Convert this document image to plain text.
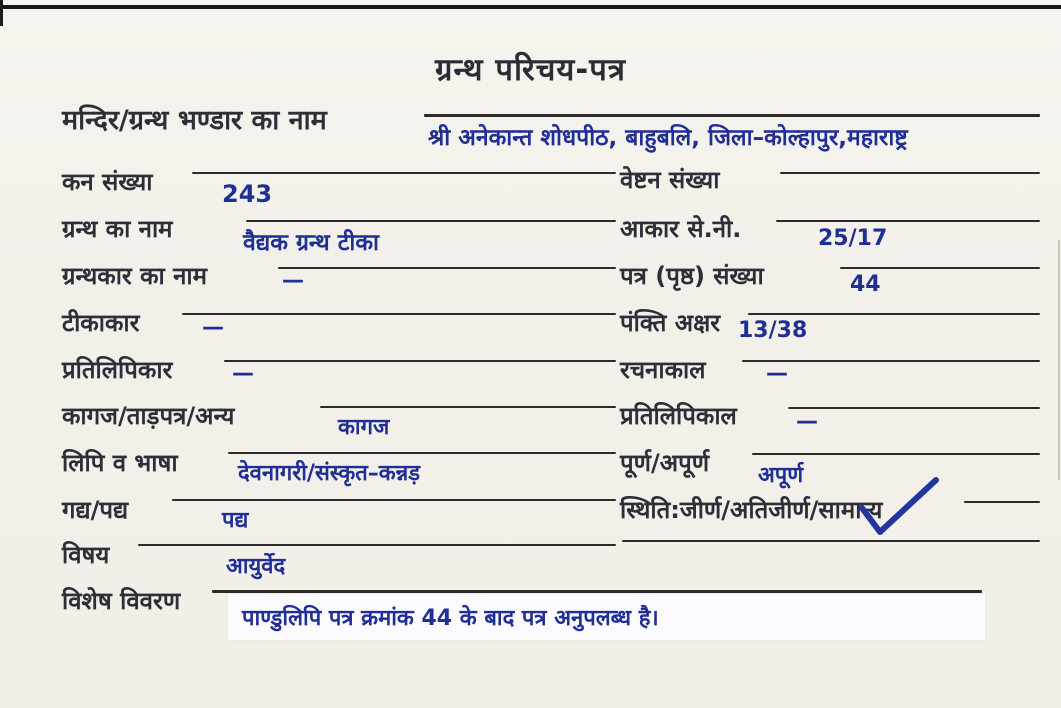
ग्रन्थ परिचय-पत्र
मन्दिर/ग्रन्थ भण्डार का नाम
श्री अनेकान्त शोधपीठ, बाहुबलि, जिला–कोल्हापुर,महाराष्ट्र
कन संख्या	243
ग्रन्थ का नाम	वैद्यक ग्रन्थ टीका
ग्रन्थकार का नाम	—
टीकाकार	—
प्रतिलिपिकार	—
कागज/ताड़पत्र/अन्य	कागज
लिपि व भाषा	देवनागरी/संस्कृत–कन्नड़
गद्य/पद्य	पद्य
विषय	आयुर्वेद
विशेष विवरण
पाण्डुलिपि पत्र क्रमांक 44 के बाद पत्र अनुपलब्ध है।
वेष्टन संख्या
आकार से.नी.	25/17
पत्र (पृष्ठ) संख्या	44
पंक्ति अक्षर 13/38
रचनाकाल	—
प्रतिलिपिकाल	—
पूर्ण/अपूर्ण अपूर्ण
स्थिति:जीर्ण/अतिजीर्ण/सामान्य
